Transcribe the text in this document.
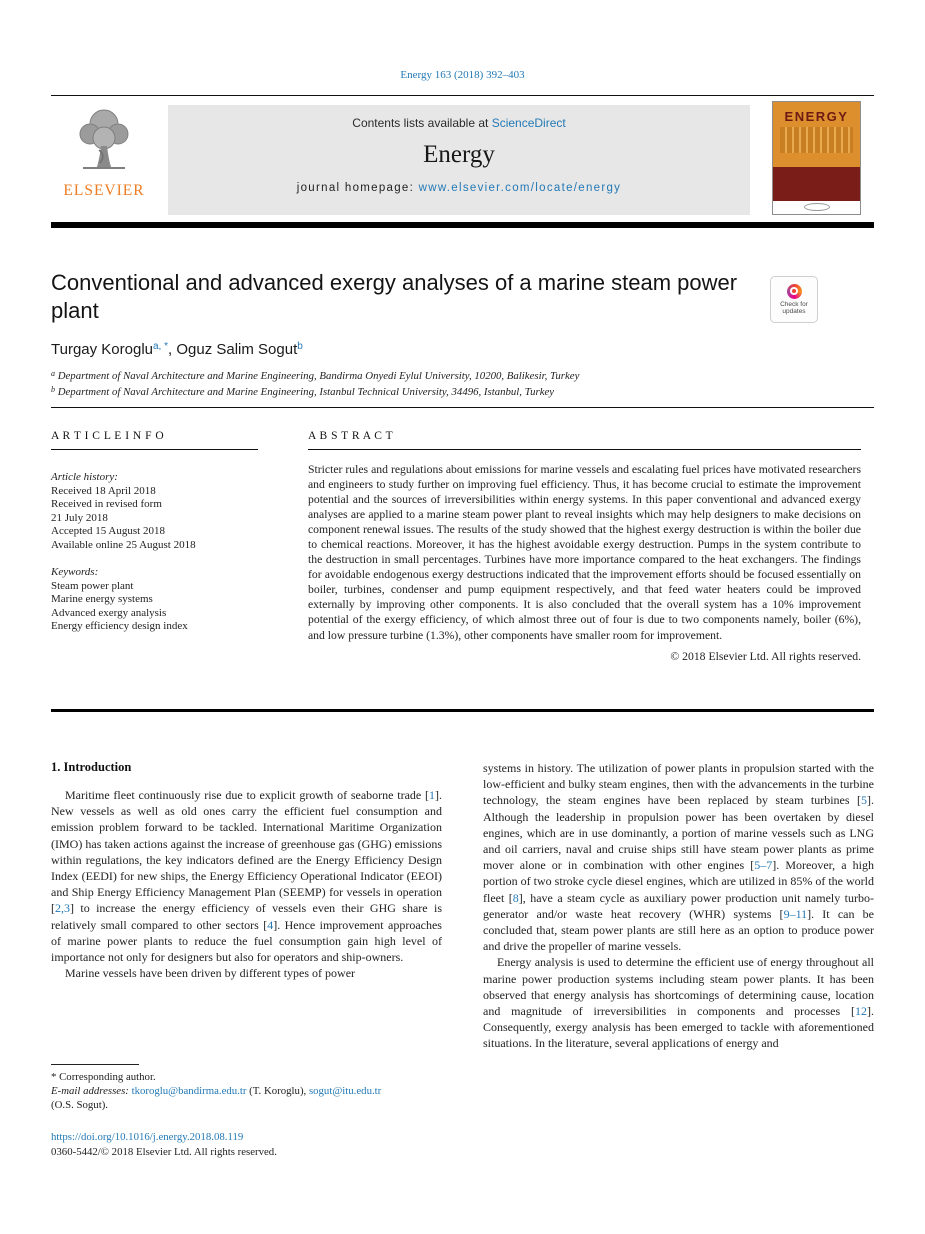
Energy 163 (2018) 392–403
ELSEVIER
Contents lists available at ScienceDirect
Energy
journal homepage: www.elsevier.com/locate/energy
ENERGY
Conventional and advanced exergy analyses of a marine steam power plant	Check for
updates
Turgay Koroglu$^{a, *}$, Oguz Salim Sogut$^b$
$^a$ Department of Naval Architecture and Marine Engineering, Bandirma Onyedi Eylul University, 10200, Balikesir, Turkey
$^b$ Department of Naval Architecture and Marine Engineering, Istanbul Technical University, 34496, Istanbul, Turkey
A R T I C L E I N F O	A B S T R A C T
Article history:
Received 18 April 2018
Received in revised form
21 July 2018
Accepted 15 August 2018
Available online 25 August 2018
Keywords:
Steam power plant
Marine energy systems
Advanced exergy analysis
Energy efficiency design index
Stricter rules and regulations about emissions for marine vessels and escalating fuel prices have motivated researchers and engineers to study further on improving fuel efficiency. Thus, it has become crucial to estimate the improvement potential and the sources of irreversibilities within energy systems. In this paper conventional and advanced exergy analyses are applied to a marine steam power plant to reveal insights which may help designers to make decisions on component renewal issues. The results of the study showed that the highest exergy destruction is within the boiler due to chemical reactions. Moreover, it has the highest avoidable exergy destruction. Pumps in the system contribute to the destruction in small percentages. Turbines have more importance compared to the heat exchangers. The findings for avoidable endogenous exergy destructions indicated that the improvement efforts should be focused essentially on boiler, turbines, condenser and pump equipment respectively, and that feed water heaters could be improved externally by improving other components. It is also concluded that the overall system has a 10% improvement potential of the exergy efficiency, of which almost three out of four is due to two components namely, boiler (6%), and low pressure turbine (1.3%), other components have smaller room for improvement.
© 2018 Elsevier Ltd. All rights reserved.
1. Introduction

Maritime fleet continuously rise due to explicit growth of seaborne trade [1]. New vessels as well as old ones carry the efficient fuel consumption and emission problem forward to be tackled. International Maritime Organization (IMO) has taken actions against the increase of greenhouse gas (GHG) emissions within regulations, the key indicators defined are the Energy Efficiency Design Index (EEDI) for new ships, the Energy Efficiency Operational Indicator (EEOI) and Ship Energy Efficiency Management Plan (SEEMP) for vessels in operation [2,3] to increase the energy efficiency of vessels even their GHG share is relatively small compared to other sectors [4]. Hence improvement approaches of marine power plants to reduce the fuel consumption gain high level of importance not only for designers but also for operators and ship-owners.

Marine vessels have been driven by different types of power

systems in history. The utilization of power plants in propulsion started with the low-efficient and bulky steam engines, then with the advancements in the turbine technology, the steam engines have been replaced by steam turbines [5]. Although the leadership in propulsion power has been overtaken by diesel engines, which are in use dominantly, a portion of marine vessels such as LNG and oil carriers, naval and cruise ships still have steam power plants as prime mover alone or in combination with other engines [5–7]. Moreover, a high portion of two stroke cycle diesel engines, which are utilized in 85% of the world fleet [8], have a steam cycle as auxiliary power production unit namely turbo-generator and/or waste heat recovery (WHR) systems [9–11]. It can be concluded that, steam power plants are still here as an option to produce power and drive the propeller of marine vessels.

Energy analysis is used to determine the efficient use of energy throughout all marine power production systems including steam power plants. It has been observed that energy analysis has shortcomings of determining cause, location and magnitude of irreversibilities in components and processes [12]. Consequently, exergy analysis has been emerged to tackle with aforementioned situations. In the literature, several applications of energy and

* Corresponding author.
E-mail addresses: tkoroglu@bandirma.edu.tr (T. Koroglu), sogut@itu.edu.tr
(O.S. Sogut).
https://doi.org/10.1016/j.energy.2018.08.119
0360-5442/© 2018 Elsevier Ltd. All rights reserved.
